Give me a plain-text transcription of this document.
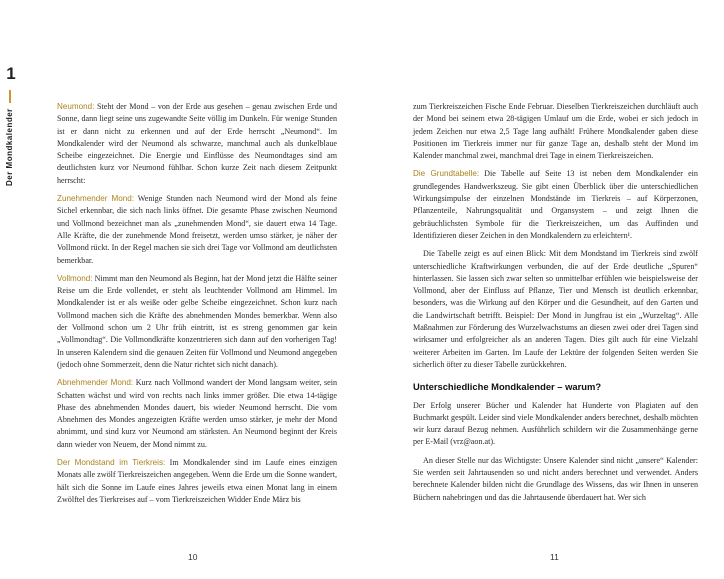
1
Der Mondkalender

Neumond: Steht der Mond – von der Erde aus gesehen – genau zwischen Erde und Sonne, dann liegt seine uns zugewandte Seite völlig im Dunkeln. Für wenige Stunden ist er dann nicht zu erkennen und auf der Erde herrscht „Neumond“. Im Mondkalender wird der Neumond als schwarze, manchmal auch als dunkelblaue Scheibe eingezeichnet. Die Energie und Einflüsse des Neumondtages sind am deutlichsten kurz vor Neumond fühlbar. Schon kurze Zeit nach diesem Zeitpunkt herrscht:

Zunehmender Mond: Wenige Stunden nach Neumond wird der Mond als feine Sichel erkennbar, die sich nach links öffnet. Die gesamte Phase zwischen Neumond und Vollmond bezeichnet man als „zunehmenden Mond“, sie dauert etwa 14 Tage. Alle Kräfte, die der zunehmende Mond freisetzt, werden umso stärker, je näher der Vollmond rückt. In der Regel machen sie sich drei Tage vor Vollmond am deutlichsten bemerkbar.

Vollmond: Nimmt man den Neumond als Beginn, hat der Mond jetzt die Hälfte seiner Reise um die Erde vollendet, er steht als leuchtender Vollmond am Himmel. Im Mondkalender ist er als weiße oder gelbe Scheibe eingezeichnet. Schon kurz nach Vollmond machen sich die Kräfte des abnehmenden Mondes bemerkbar. Wenn also der Vollmond schon um 2 Uhr früh eintritt, ist es streng genommen gar kein „Vollmondtag“. Die Vollmondkräfte konzentrieren sich dann auf den vorherigen Tag! In unseren Kalendern sind die genauen Zeiten für Vollmond und Neumond angegeben (jedoch ohne Sommerzeit, denn die Natur richtet sich nicht danach).

Abnehmender Mond: Kurz nach Vollmond wandert der Mond langsam weiter, sein Schatten wächst und wird von rechts nach links immer größer. Die etwa 14-tägige Phase des abnehmenden Mondes dauert, bis wieder Neumond herrscht. Die vom Abnehmen des Mondes angezeigten Kräfte werden umso stärker, je mehr der Mond abnimmt, und sind kurz vor Neumond am stärksten. An Neumond beginnt der Kreis dann wieder von Neuem, der Mond nimmt zu.

Der Mondstand im Tierkreis: Im Mondkalender sind im Laufe eines einzigen Monats alle zwölf Tierkreiszeichen angegeben. Wenn die Erde um die Sonne wandert, hält sich die Sonne im Laufe eines Jahres jeweils etwa einen Monat lang in einem Zwölftel des Tierkreises auf – vom Tierkreiszeichen Widder Ende März bis

zum Tierkreiszeichen Fische Ende Februar. Dieselben Tierkreiszeichen durchläuft auch der Mond bei seinem etwa 28-tägigen Umlauf um die Erde, wobei er sich jedoch in jedem Zeichen nur etwa 2,5 Tage lang aufhält! Frühere Mondkalender gaben diese Positionen im Tierkreis immer nur für ganze Tage an, deshalb steht der Mond im Kalender manchmal zwei, manchmal drei Tage in einem Tierkreiszeichen.

Die Grundtabelle: Die Tabelle auf Seite 13 ist neben dem Mondkalender ein grundlegendes Handwerkszeug. Sie gibt einen Überblick über die unterschiedlichen Wirkungsimpulse der einzelnen Mondstände im Tierkreis – auf Körperzonen, Pflanzenteile, Nahrungsqualität und Organsystem – und zeigt Ihnen die gebräuchlichsten Symbole für die Tierkreiszeichen, um das Auffinden und Identifizieren dieser Zeichen in den Mondkalendern zu erleichtern¹.

Die Tabelle zeigt es auf einen Blick: Mit dem Mondstand im Tierkreis sind zwölf unterschiedliche Kraftwirkungen verbunden, die auf der Erde deutliche „Spuren“ hinterlassen. Sie lassen sich zwar selten so unmittelbar erfühlen wie beispielsweise der Vollmond, aber der Einfluss auf Pflanze, Tier und Mensch ist deutlich erkennbar, besonders, was die Wirkung auf den Körper und die Gesundheit, auf den Garten und die Landwirtschaft betrifft. Beispiel: Der Mond in Jungfrau ist ein „Wurzeltag“. Alle Maßnahmen zur Förderung des Wurzelwachstums an diesen zwei oder drei Tagen sind wirksamer und erfolgreicher als an anderen Tagen. Dies gilt auch für eine Vielzahl weiterer Arbeiten im Garten. Im Laufe der Lektüre der folgenden Seiten werden Sie sicherlich öfter zu dieser Tabelle zurückkehren.

Unterschiedliche Mondkalender – warum?

Der Erfolg unserer Bücher und Kalender hat Hunderte von Plagiaten auf den Buchmarkt gespült. Leider sind viele Mondkalender anders berechnet, deshalb möchten wir kurz darauf Bezug nehmen. Ausführlich schildern wir die Zusammenhänge gerne per E-Mail (vrz@aon.at).

An dieser Stelle nur das Wichtigste: Unsere Kalender sind nicht „unsere“ Kalender: Sie werden seit Jahrtausenden so und nicht anders berechnet und verwendet. Anders berechnete Kalender bilden nicht die Grundlage des Wissens, das wir Ihnen in unseren Büchern nahebringen und das die Jahrtausende überdauert hat. Wer sich

10	11
